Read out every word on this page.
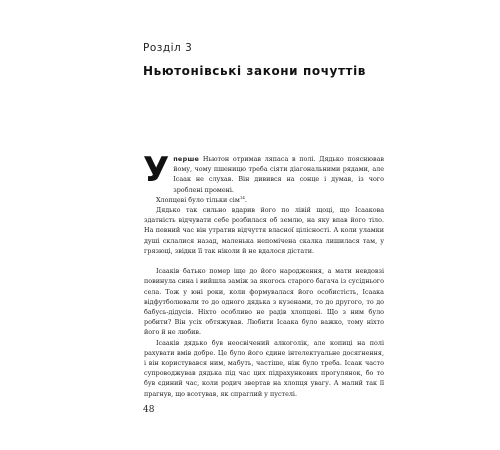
Розділ 3
Ньютонівські закони почуттів

Уперше Ньютон отримав ляпаса в полі. Дядько пояснював йому, чому пшеницю треба сіяти діагональними рядами, але Ісаак не слухав. Він дивився на сонце і думав, із чого зроблені промені.

Хлопцеві було тільки сім$^{14}$.

Дядько так сильно вдарив його по лівій щоці, що Ісаакова здатність відчувати себе розбилася об землю, на яку впав його тіло. На певний час він утратив відчуття власної цілісності. А коли уламки душі склалися назад, маленька непомічена скалка лишилася там, у грязюці, звідки її так ніколи й не вдалося дістати.

Ісааків батько помер іще до його народження, а мати невдовзі повинула сина і вийшла заміж за якогось старого багача із сусіднього села. Тож у юні роки, коли формувалася його особистість, Ісаака відфутболювали то до одного дядька з кузенами, то до другого, то до бабусь-дідусів. Ніхто особливо не радів хлопцеві. Що з ним було робити? Він усіх обтяжував. Любити Ісаака було важко, тому ніхто його й не любив.

Ісааків дядько був неосвічений алкоголік, але копиці на полі рахувати вмів добре. Це було його єдине інтелектуальне досягнення, і він користувався ним, мабуть, частіше, ніж було треба. Ісаак часто супроводжував дядька під час цих підрахункових прогулянок, бо то був єдиний час, коли родич звертав на хлопця увагу. А малий так її прагнув, що всотував, як спраглий у пустелі.

48
